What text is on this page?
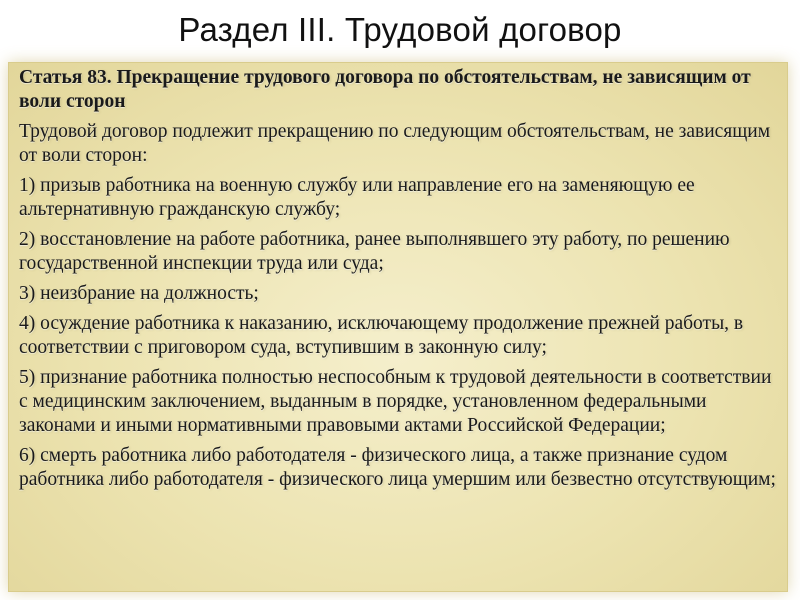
Раздел III. Трудовой договор

Статья 83. Прекращение трудового договора по обстоятельствам, не зависящим от воли сторон

Трудовой договор подлежит прекращению по следующим обстоятельствам, не зависящим от воли сторон:

1) призыв работника на военную службу или направление его на заменяющую ее альтернативную гражданскую службу;

2) восстановление на работе работника, ранее выполнявшего эту работу, по решению государственной инспекции труда или суда;

3) неизбрание на должность;

4) осуждение работника к наказанию, исключающему продолжение прежней работы, в соответствии с приговором суда, вступившим в законную силу;

5) признание работника полностью неспособным к трудовой деятельности в соответствии с медицинским заключением, выданным в порядке, установленном федеральными законами и иными нормативными правовыми актами Российской Федерации;

6) смерть работника либо работодателя - физического лица, а также признание судом работника либо работодателя - физического лица умершим или безвестно отсутствующим;
